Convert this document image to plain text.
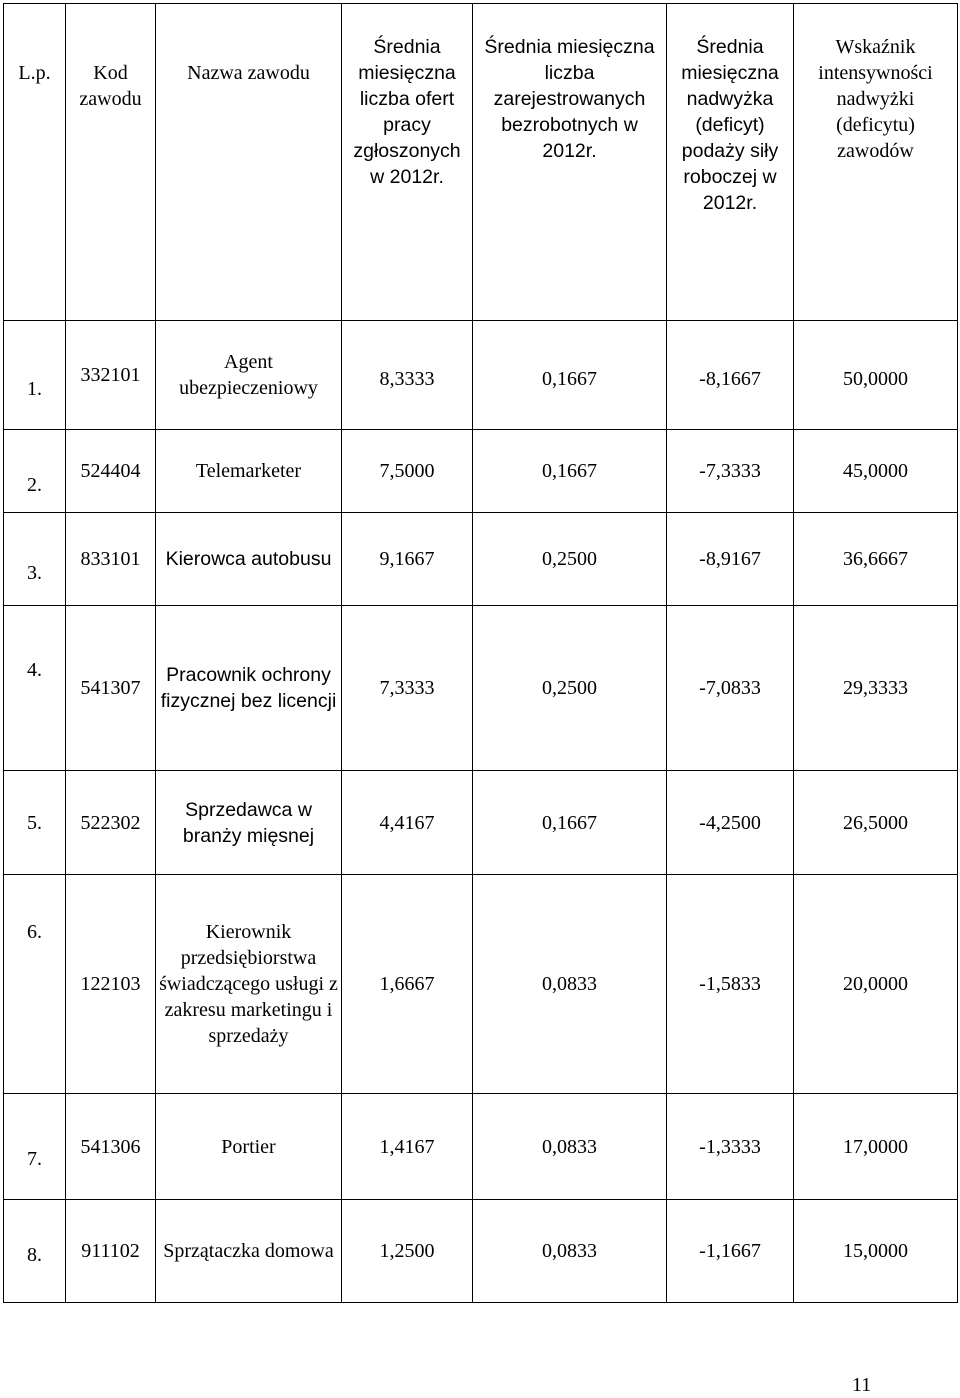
L.p.	Kod zawodu	Nazwa zawodu	Średnia miesięczna liczba ofert pracy zgłoszonych w 2012r.	Średnia miesięczna liczba zarejestrowanych bezrobotnych w 2012r.	Średnia miesięczna nadwyżka (deficyt) podaży siły roboczej w 2012r.	Wskaźnik intensywności nadwyżki (deficytu) zawodów
1.	332101	Agent ubezpieczeniowy	8,3333	0,1667	-8,1667	50,0000
2.	524404	Telemarketer	7,5000	0,1667	-7,3333	45,0000
3.	833101	Kierowca autobusu	9,1667	0,2500	-8,9167	36,6667
4.	541307	Pracownik ochrony fizycznej bez licencji	7,3333	0,2500	-7,0833	29,3333
5.	522302	Sprzedawca w branży mięsnej	4,4167	0,1667	-4,2500	26,5000
6.	122103	Kierownik przedsiębiorstwa świadczącego usługi z zakresu marketingu i sprzedaży	1,6667	0,0833	-1,5833	20,0000
7.	541306	Portier	1,4167	0,0833	-1,3333	17,0000
8.	911102	Sprzątaczka domowa	1,2500	0,0833	-1,1667	15,0000
11
